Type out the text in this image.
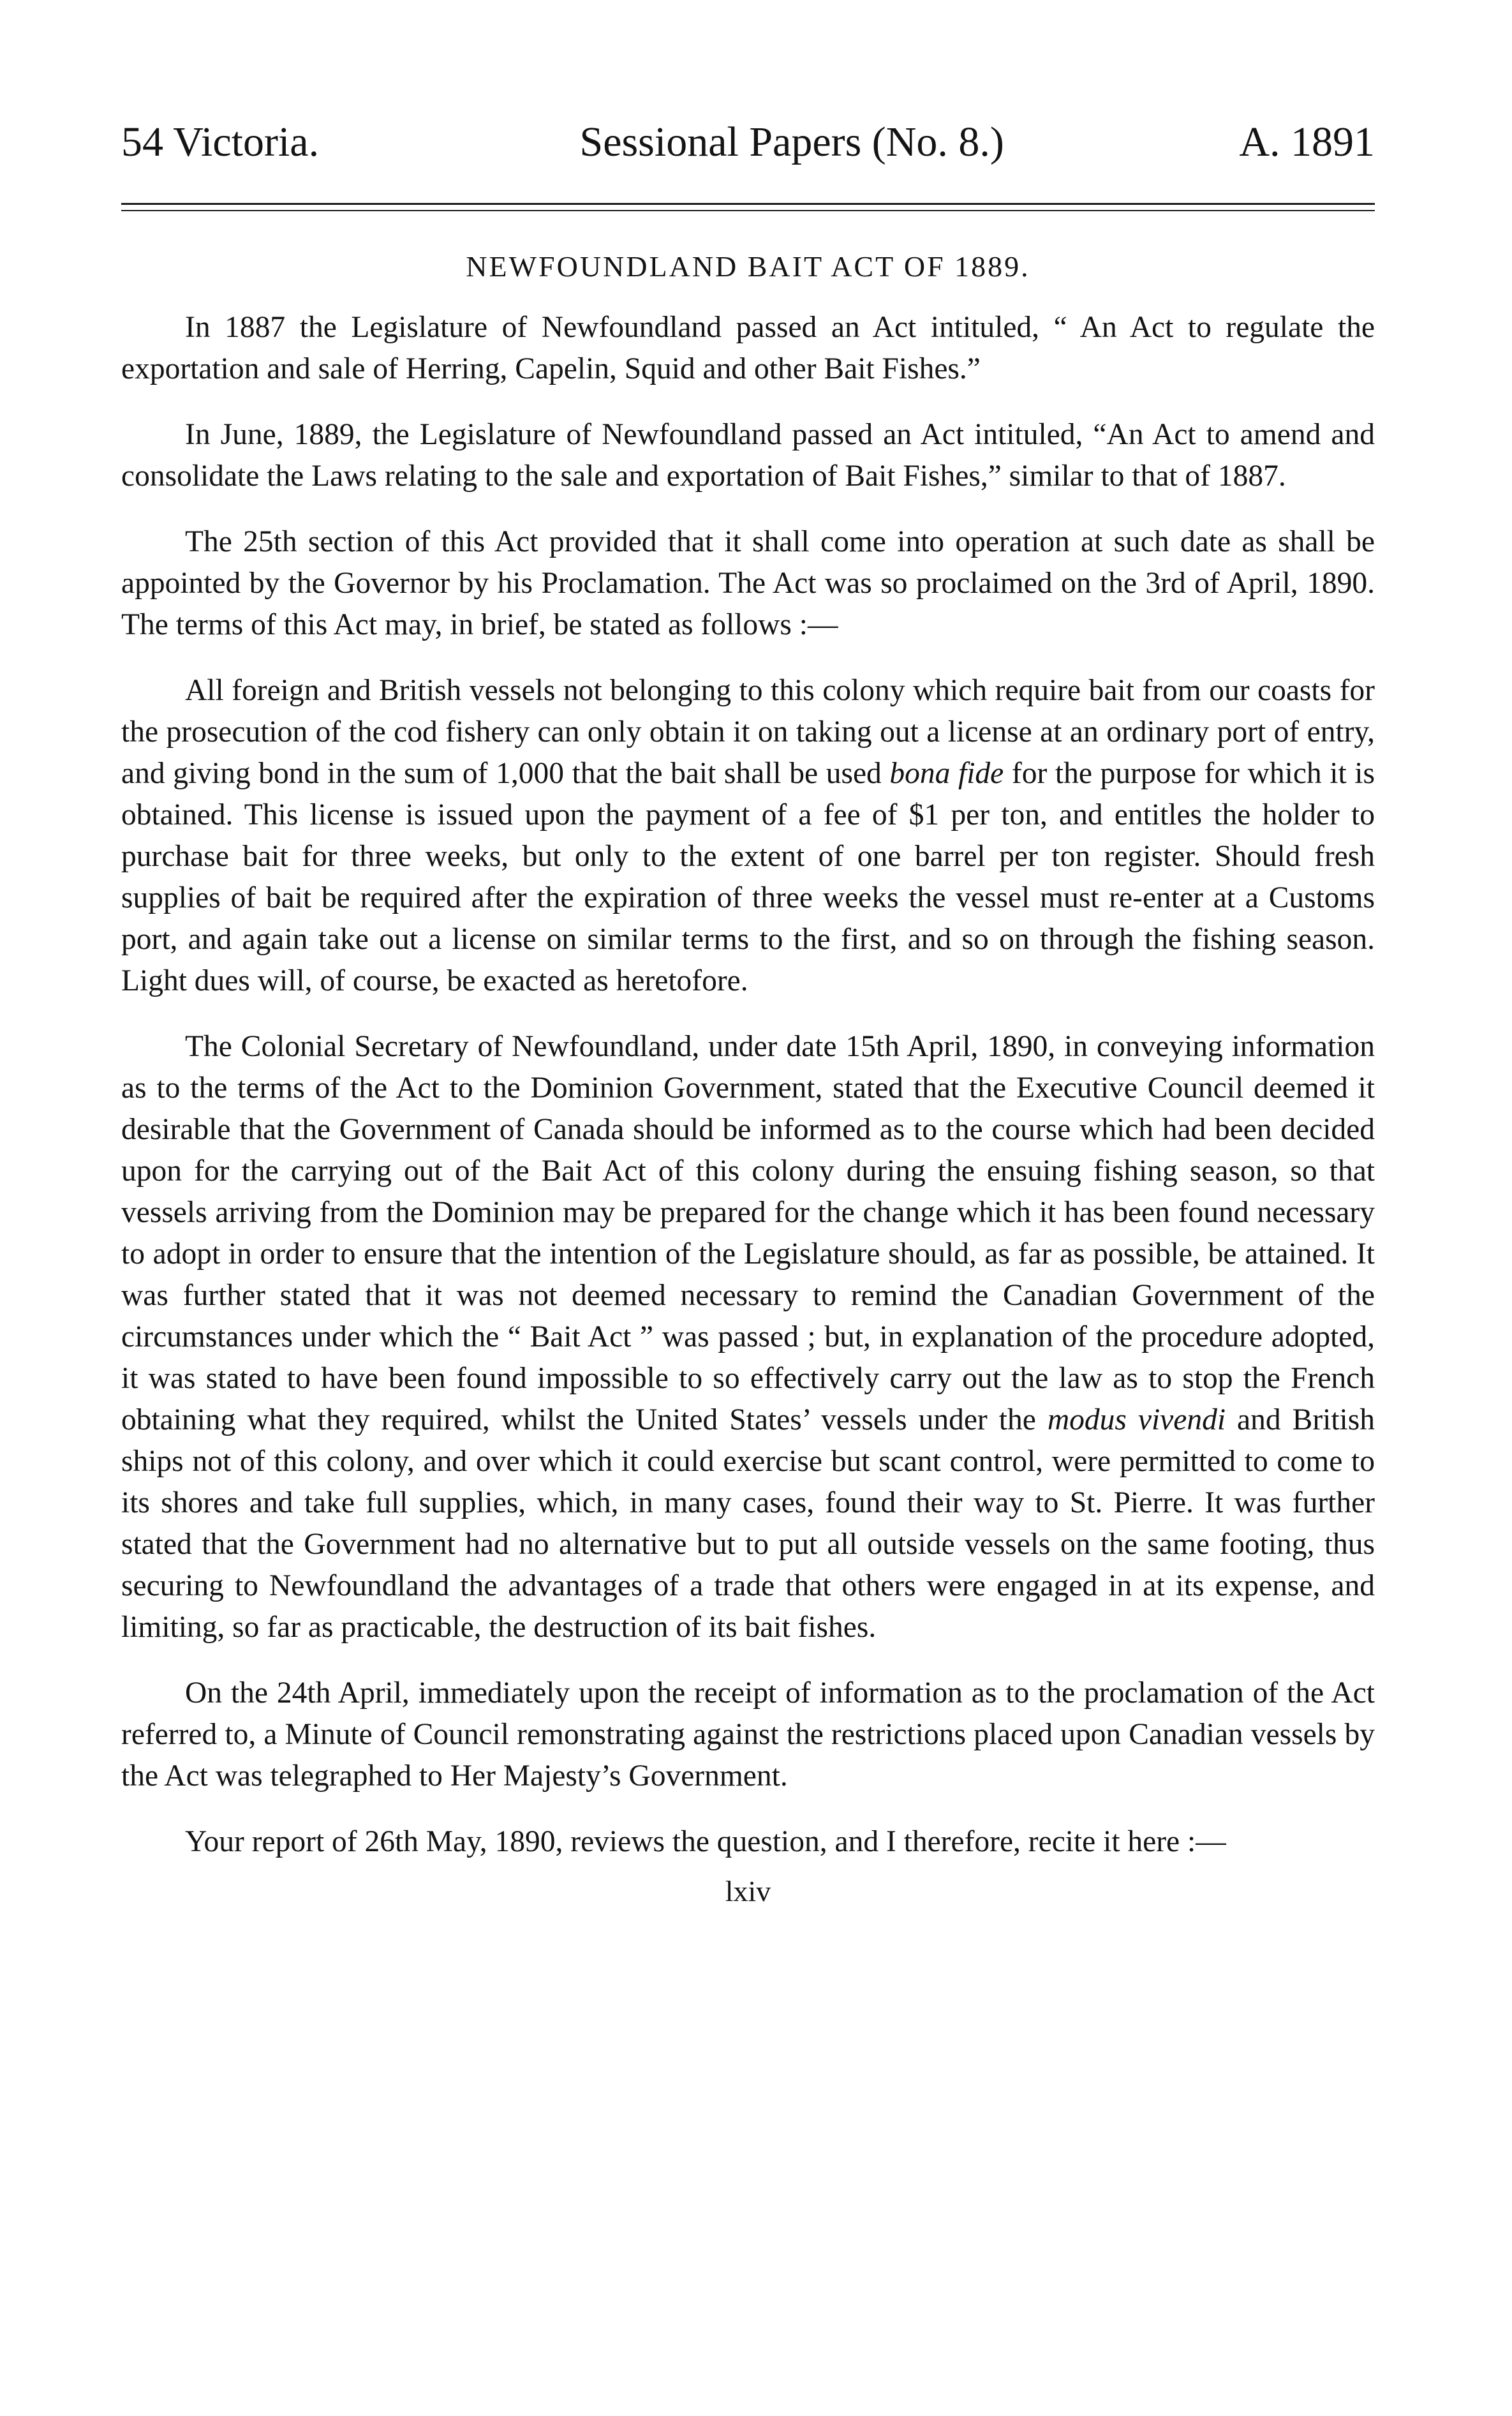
54 Victoria.	Sessional Papers (No. 8.)	A. 1891
NEWFOUNDLAND BAIT ACT OF 1889.

In 1887 the Legislature of Newfoundland passed an Act intituled, “ An Act to regulate the exportation and sale of Herring, Capelin, Squid and other Bait Fishes.”

In June, 1889, the Legislature of Newfoundland passed an Act intituled, “An Act to amend and consolidate the Laws relating to the sale and exportation of Bait Fishes,” similar to that of 1887.

The 25th section of this Act provided that it shall come into operation at such date as shall be appointed by the Governor by his Proclamation. The Act was so proclaimed on the 3rd of April, 1890. The terms of this Act may, in brief, be stated as follows :—

All foreign and British vessels not belonging to this colony which require bait from our coasts for the prosecution of the cod fishery can only obtain it on taking out a license at an ordinary port of entry, and giving bond in the sum of 1,000 that the bait shall be used bona fide for the purpose for which it is obtained. This license is issued upon the payment of a fee of $1 per ton, and entitles the holder to purchase bait for three weeks, but only to the extent of one barrel per ton register. Should fresh supplies of bait be required after the expiration of three weeks the vessel must re-enter at a Customs port, and again take out a license on similar terms to the first, and so on through the fishing season. Light dues will, of course, be exacted as heretofore.

The Colonial Secretary of Newfoundland, under date 15th April, 1890, in conveying information as to the terms of the Act to the Dominion Government, stated that the Executive Council deemed it desirable that the Government of Canada should be informed as to the course which had been decided upon for the carrying out of the Bait Act of this colony during the ensuing fishing season, so that vessels arriving from the Dominion may be prepared for the change which it has been found necessary to adopt in order to ensure that the intention of the Legislature should, as far as possible, be attained. It was further stated that it was not deemed necessary to remind the Canadian Government of the circumstances under which the “ Bait Act ” was passed ; but, in explanation of the procedure adopted, it was stated to have been found impossible to so effectively carry out the law as to stop the French obtaining what they required, whilst the United States’ vessels under the modus vivendi and British ships not of this colony, and over which it could exercise but scant control, were permitted to come to its shores and take full supplies, which, in many cases, found their way to St. Pierre. It was further stated that the Government had no alternative but to put all outside vessels on the same footing, thus securing to Newfoundland the advantages of a trade that others were engaged in at its expense, and limiting, so far as practicable, the destruction of its bait fishes.

On the 24th April, immediately upon the receipt of information as to the proclamation of the Act referred to, a Minute of Council remonstrating against the restrictions placed upon Canadian vessels by the Act was telegraphed to Her Majesty’s Government.

Your report of 26th May, 1890, reviews the question, and I therefore, recite it here :—

lxiv
